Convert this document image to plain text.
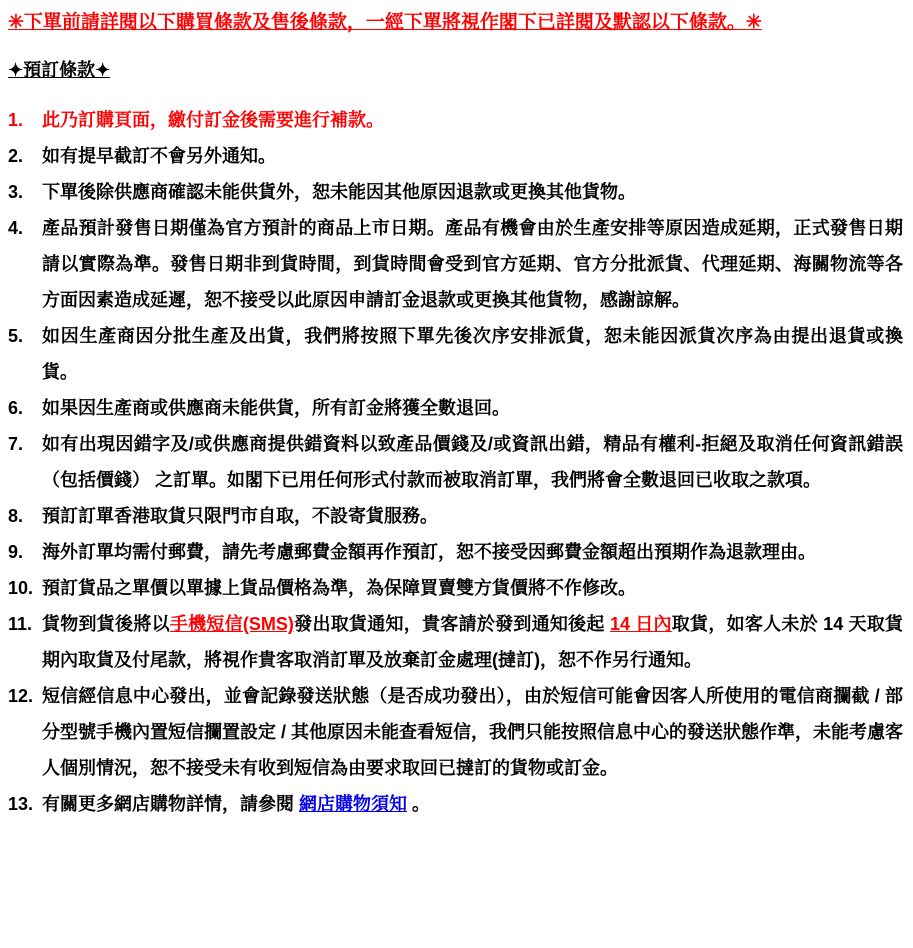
✳下單前請詳閱以下購買條款及售後條款，一經下單將視作閣下已詳閱及默認以下條款。✳
✦預訂條款✦
1.	此乃訂購頁面，繳付訂金後需要進行補款。
2.	如有提早截訂不會另外通知。
3.	下單後除供應商確認未能供貨外，恕未能因其他原因退款或更換其他貨物。
4.	產品預計發售日期僅為官方預計的商品上市日期。產品有機會由於生產安排等原因造成延期，正式發售日期請以實際為準。發售日期非到貨時間，到貨時間會受到官方延期、官方分批派貨、代理延期、海關物流等各方面因素造成延遲，恕不接受以此原因申請訂金退款或更換其他貨物，感謝諒解。
5.	如因生產商因分批生產及出貨，我們將按照下單先後次序安排派貨，恕未能因派貨次序為由提出退貨或換貨。
6.	如果因生產商或供應商未能供貨，所有訂金將獲全數退回。
7.	如有出現因錯字及/或供應商提供錯資料以致產品價錢及/或資訊出錯，精品有權利-拒絕及取消任何資訊錯誤（包括價錢） 之訂單。如閣下已用任何形式付款而被取消訂單，我們將會全數退回已收取之款項。
8.	預訂訂單香港取貨只限門市自取，不設寄貨服務。
9.	海外訂單均需付郵費，請先考慮郵費金額再作預訂，恕不接受因郵費金額超出預期作為退款理由。
10. 預訂貨品之單價以單據上貨品價格為準，為保障買賣雙方貨價將不作修改。
11. 貨物到貨後將以手機短信(SMS)發出取貨通知，貴客請於發到通知後起 14 日內取貨，如客人未於 14 天取貨期內取貨及付尾款，將視作貴客取消訂單及放棄訂金處理(撻訂)，恕不作另行通知。
12. 短信經信息中心發出，並會記錄發送狀態（是否成功發出），由於短信可能會因客人所使用的電信商攔截 / 部分型號手機內置短信攔置設定 / 其他原因未能查看短信，我們只能按照信息中心的發送狀態作準，未能考慮客人個別情況，恕不接受未有收到短信為由要求取回已撻訂的貨物或訂金。
13. 有關更多網店購物詳情，請參閱 網店購物須知 。
